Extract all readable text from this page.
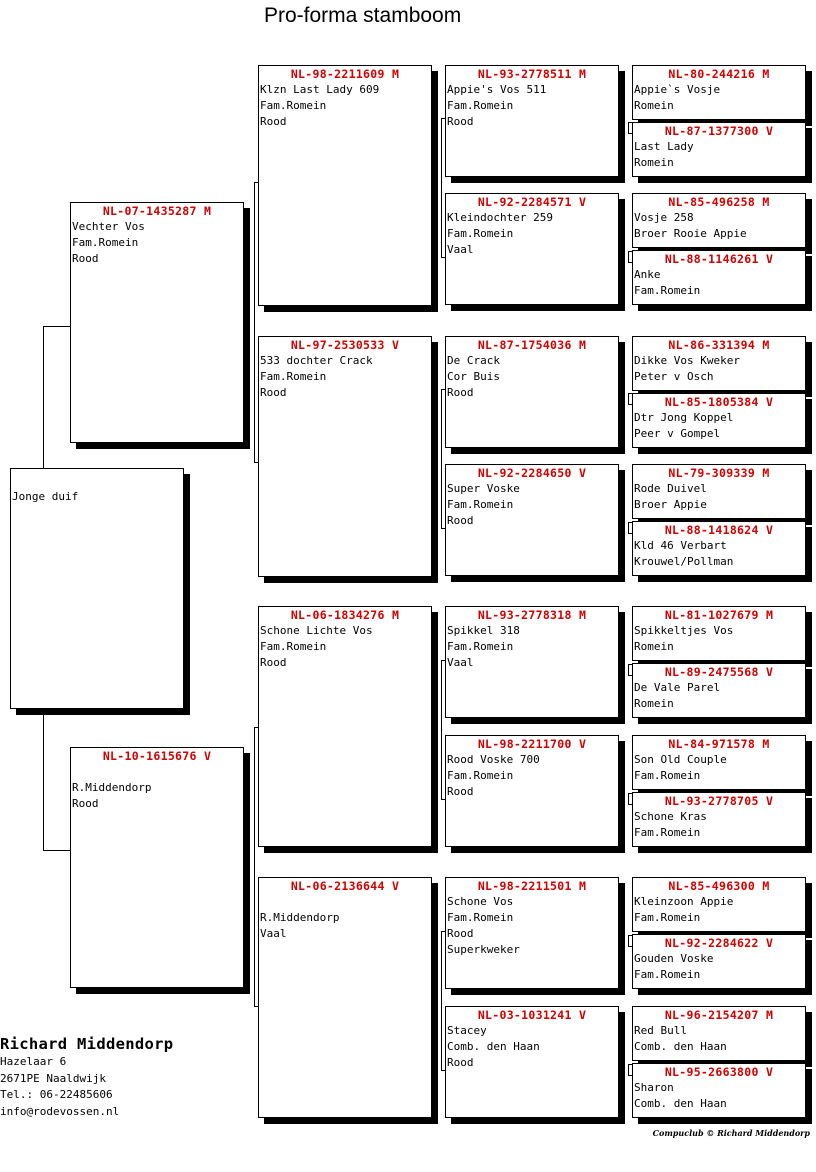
Pro-forma stamboom
Jonge duif
NL-07-1435287 M
Vechter Vos
Fam.Romein
Rood
NL-10-1615676 V
R.Middendorp
Rood
NL-98-2211609 M
Klzn Last Lady 609
Fam.Romein
Rood
NL-97-2530533 V
533 dochter Crack
Fam.Romein
Rood
NL-06-1834276 M
Schone Lichte Vos
Fam.Romein
Rood
NL-06-2136644 V
R.Middendorp
Vaal
NL-93-2778511 M
Appie's Vos 511
Fam.Romein
Rood
NL-92-2284571 V
Kleindochter 259
Fam.Romein
Vaal
NL-87-1754036 M
De Crack
Cor Buis
Rood
NL-92-2284650 V
Super Voske
Fam.Romein
Rood
NL-93-2778318 M
Spikkel 318
Fam.Romein
Vaal
NL-98-2211700 V
Rood Voske 700
Fam.Romein
Rood
NL-98-2211501 M
Schone Vos
Fam.Romein
Rood
Superkweker
NL-03-1031241 V
Stacey
Comb. den Haan
Rood
NL-80-244216 M
Appie`s Vosje
Romein
NL-87-1377300 V
Last Lady
Romein
NL-85-496258 M
Vosje 258
Broer Rooie Appie
NL-88-1146261 V
Anke
Fam.Romein
NL-86-331394 M
Dikke Vos Kweker
Peter v Osch
NL-85-1805384 V
Dtr Jong Koppel
Peer v Gompel
NL-79-309339 M
Rode Duivel
Broer Appie
NL-88-1418624 V
Kld 46 Verbart
Krouwel/Pollman
NL-81-1027679 M
Spikkeltjes Vos
Romein
NL-89-2475568 V
De Vale Parel
Romein
NL-84-971578 M
Son Old Couple
Fam.Romein
NL-93-2778705 V
Schone Kras
Fam.Romein
NL-85-496300 M
Kleinzoon Appie
Fam.Romein
NL-92-2284622 V
Gouden Voske
Fam.Romein
NL-96-2154207 M
Red Bull
Comb. den Haan
NL-95-2663800 V
Sharon
Comb. den Haan
Richard Middendorp
Hazelaar 6
2671PE Naaldwijk
Tel.: 06-22485606
info@rodevossen.nl
Compuclub © Richard Middendorp
